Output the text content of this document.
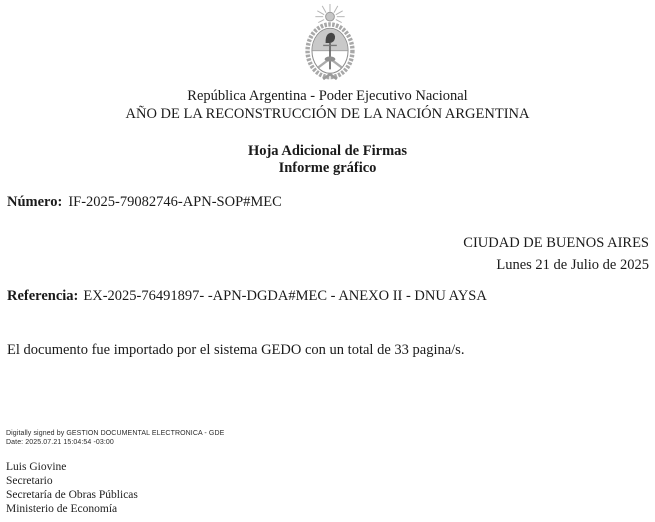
República Argentina - Poder Ejecutivo Nacional
AÑO DE LA RECONSTRUCCIÓN DE LA NACIÓN ARGENTINA
Hoja Adicional de Firmas
Informe gráfico
Número: IF-2025-79082746-APN-SOP#MEC
CIUDAD DE BUENOS AIRES
Lunes 21 de Julio de 2025
Referencia: EX-2025-76491897- -APN-DGDA#MEC - ANEXO II - DNU AYSA
El documento fue importado por el sistema GEDO con un total de 33 pagina/s.
Digitally signed by GESTION DOCUMENTAL ELECTRONICA - GDE
Date: 2025.07.21 15:04:54 -03:00
Luis Giovine
Secretario
Secretaría de Obras Públicas
Ministerio de Economía
